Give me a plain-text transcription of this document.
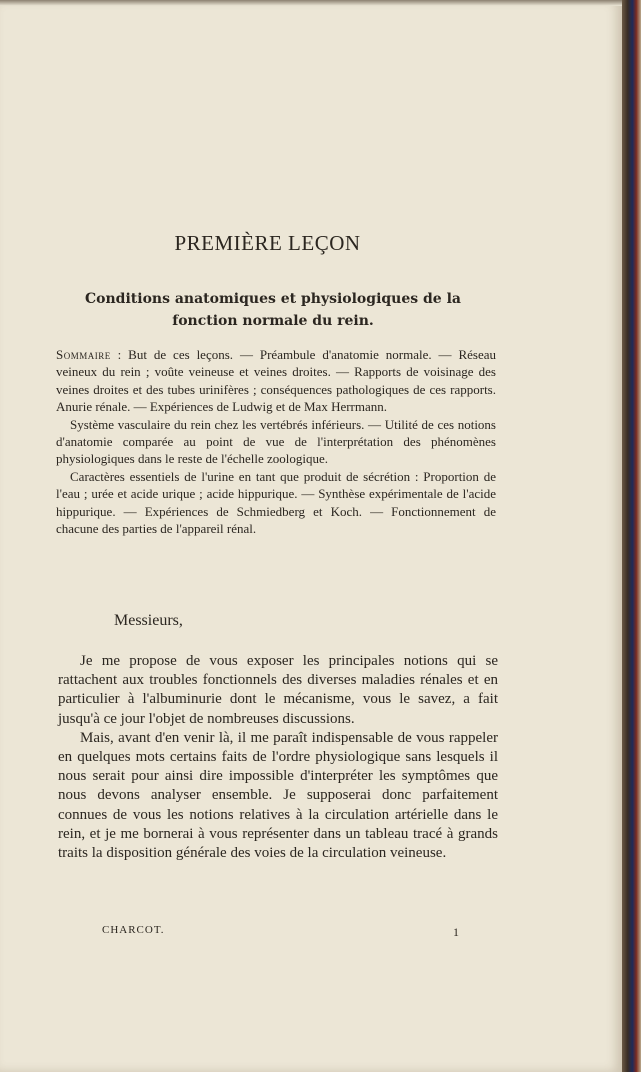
PREMIÈRE LEÇON
Conditions anatomiques et physiologiques de la fonction normale du rein.

Sommaire : But de ces leçons. — Préambule d'anatomie normale. — Réseau veineux du rein ; voûte veineuse et veines droites. — Rapports de voisinage des veines droites et des tubes urinifères ; conséquences pathologiques de ces rapports. Anurie rénale. — Expériences de Ludwig et de Max Herrmann.

Système vasculaire du rein chez les vertébrés inférieurs. — Utilité de ces notions d'anatomie comparée au point de vue de l'interprétation des phénomènes physiologiques dans le reste de l'échelle zoologique.

Caractères essentiels de l'urine en tant que produit de sécrétion : Proportion de l'eau ; urée et acide urique ; acide hippurique. — Synthèse expérimentale de l'acide hippurique. — Expériences de Schmiedberg et Koch. — Fonctionnement de chacune des parties de l'appareil rénal.

Messieurs,

Je me propose de vous exposer les principales notions qui se rattachent aux troubles fonctionnels des diverses maladies rénales et en particulier à l'albuminurie dont le mécanisme, vous le savez, a fait jusqu'à ce jour l'objet de nombreuses discussions.

Mais, avant d'en venir là, il me paraît indispensable de vous rappeler en quelques mots certains faits de l'ordre physiologique sans lesquels il nous serait pour ainsi dire impossible d'interpréter les symptômes que nous devons analyser ensemble. Je supposerai donc parfaitement connues de vous les notions relatives à la circulation artérielle dans le rein, et je me bornerai à vous représenter dans un tableau tracé à grands traits la disposition générale des voies de la circulation veineuse.

CHARCOT.	1
